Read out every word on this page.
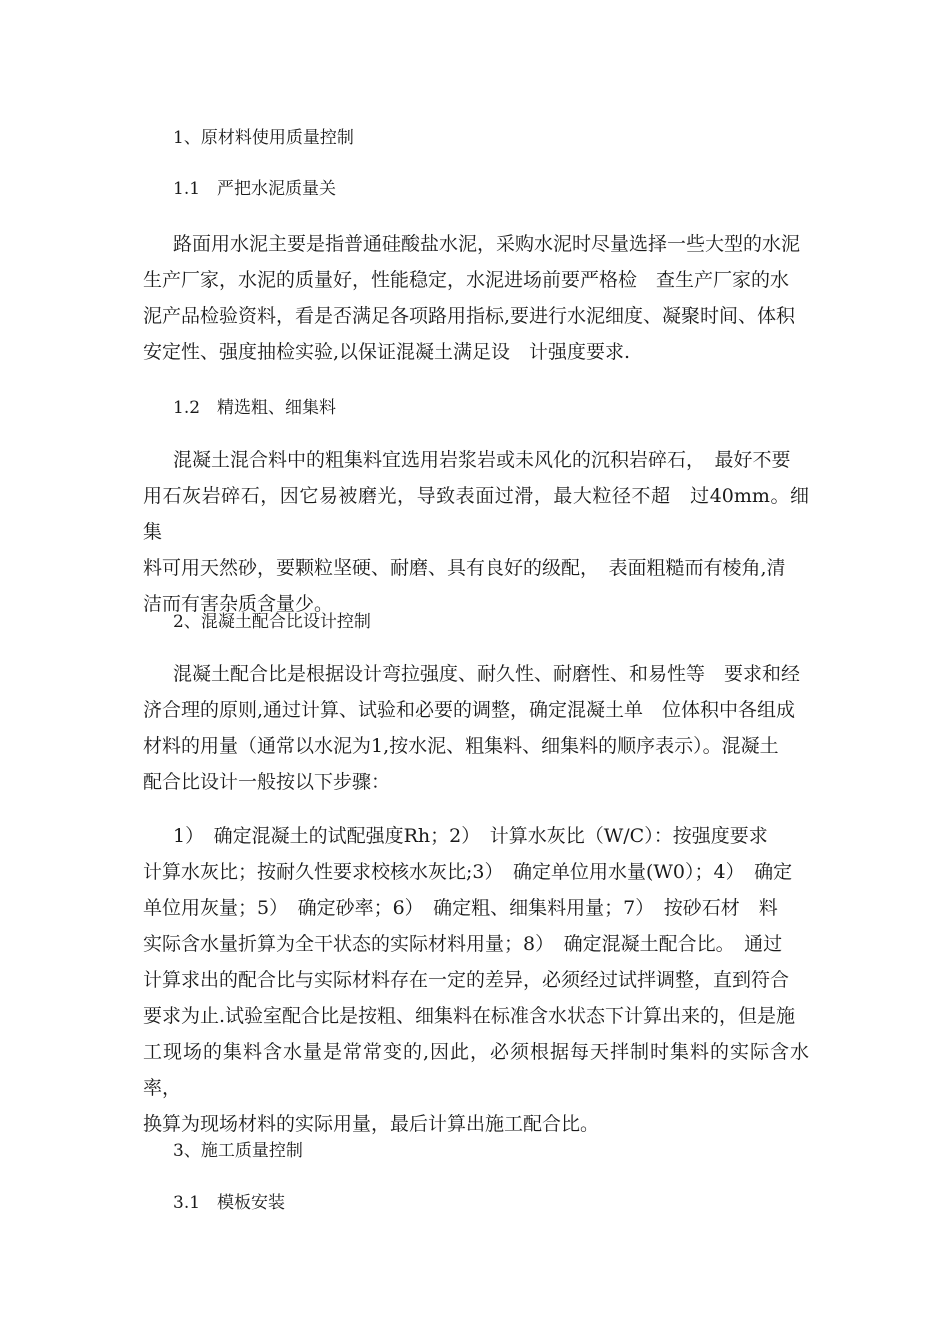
1、原材料使用质量控制
1.1　严把水泥质量关

路面用水泥主要是指普通硅酸盐水泥，采购水泥时尽量选择一些大型的水泥
生产厂家，水泥的质量好，性能稳定，水泥进场前要严格检　查生产厂家的水
泥产品检验资料，看是否满足各项路用指标,要进行水泥细度、凝聚时间、体积
安定性、强度抽检实验,以保证混凝土满足设　计强度要求.

1.2　精选粗、细集料

混凝土混合料中的粗集料宜选用岩浆岩或未风化的沉积岩碎石，　最好不要
用石灰岩碎石，因它易被磨光，导致表面过滑，最大粒径不超　过40mm。细集
料可用天然砂，要颗粒坚硬、耐磨、具有良好的级配，　表面粗糙而有棱角,清
洁而有害杂质含量少。

2、混凝土配合比设计控制

混凝土配合比是根据设计弯拉强度、耐久性、耐磨性、和易性等　要求和经
济合理的原则,通过计算、试验和必要的调整，确定混凝土单　位体积中各组成
材料的用量（通常以水泥为1,按水泥、粗集料、细集料的顺序表示）。混凝土
配合比设计一般按以下步骤：

1）　确定混凝土的试配强度Rh；2）　计算水灰比（W/C）：按强度要求
计算水灰比；按耐久性要求校核水灰比;3）　确定单位用水量(W0）；4）　确定
单位用灰量；5）　确定砂率；6）　确定粗、细集料用量；7）　按砂石材　料
实际含水量折算为全干状态的实际材料用量；8）　确定混凝土配合比。　通过
计算求出的配合比与实际材料存在一定的差异，必须经过试拌调整，直到符合
要求为止.试验室配合比是按粗、细集料在标准含水状态下计算出来的，但是施
工现场的集料含水量是常常变的,因此，必须根据每天拌制时集料的实际含水率，
换算为现场材料的实际用量，最后计算出施工配合比。

3、施工质量控制
3.1　模板安装
